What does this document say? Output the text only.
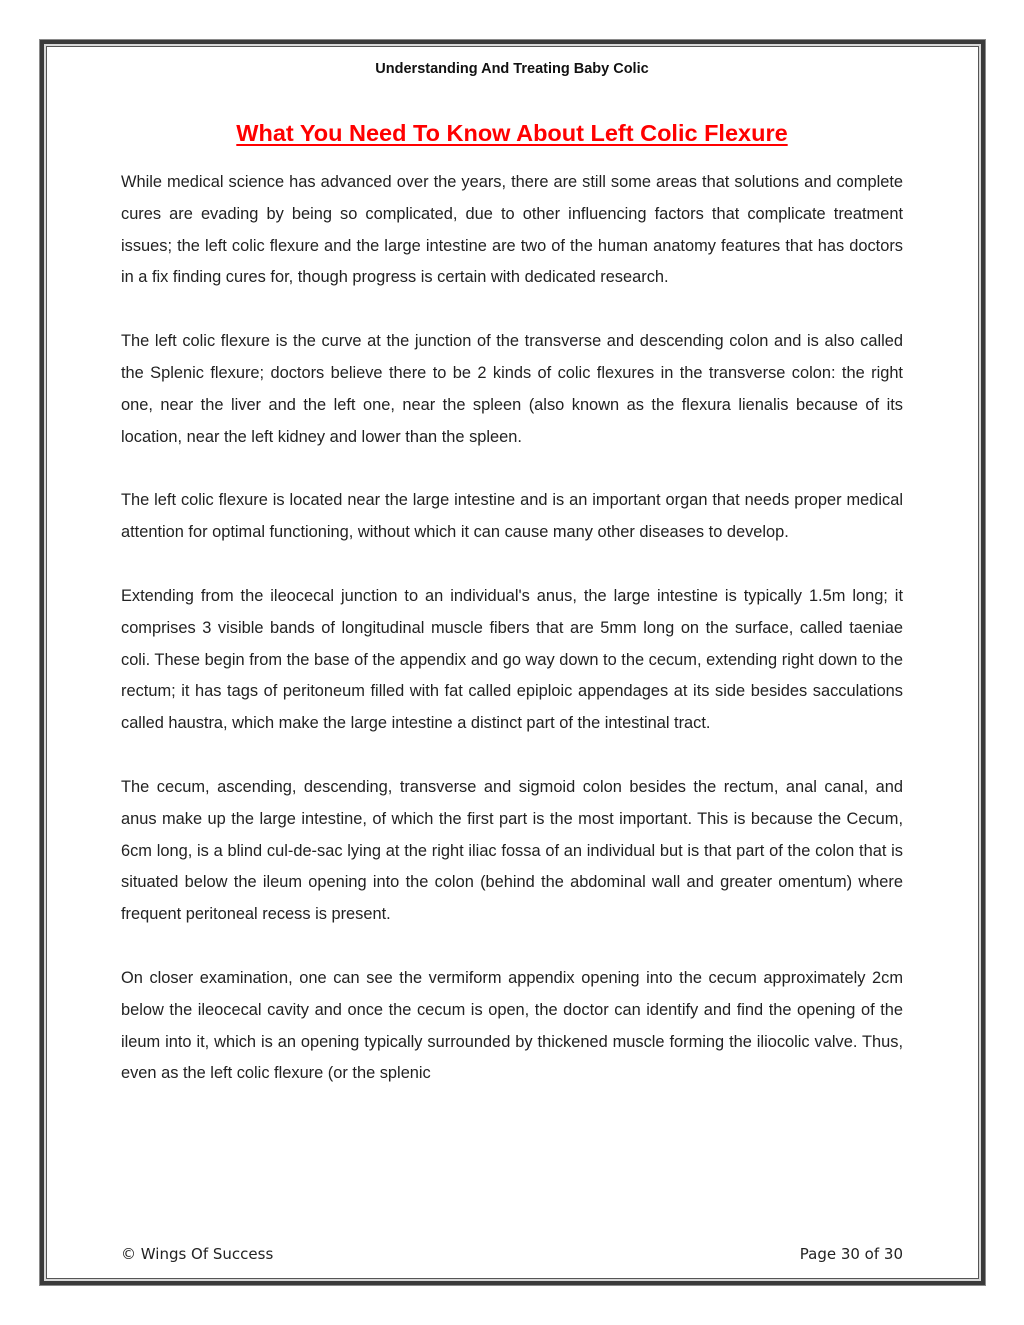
Understanding And Treating Baby Colic
What You Need To Know About Left Colic Flexure

While medical science has advanced over the years, there are still some areas that solutions and complete cures are evading by being so complicated, due to other influencing factors that complicate treatment issues; the left colic flexure and the large intestine are two of the human anatomy features that has doctors in a fix finding cures for, though progress is certain with dedicated research.

The left colic flexure is the curve at the junction of the transverse and descending colon and is also called the Splenic flexure; doctors believe there to be 2 kinds of colic flexures in the transverse colon: the right one, near the liver and the left one, near the spleen (also known as the flexura lienalis because of its location, near the left kidney and lower than the spleen.

The left colic flexure is located near the large intestine and is an important organ that needs proper medical attention for optimal functioning, without which it can cause many other diseases to develop.

Extending from the ileocecal junction to an individual's anus, the large intestine is typically 1.5m long; it comprises 3 visible bands of longitudinal muscle fibers that are 5mm long on the surface, called taeniae coli. These begin from the base of the appendix and go way down to the cecum, extending right down to the rectum; it has tags of peritoneum filled with fat called epiploic appendages at its side besides sacculations called haustra, which make the large intestine a distinct part of the intestinal tract.

The cecum, ascending, descending, transverse and sigmoid colon besides the rectum, anal canal, and anus make up the large intestine, of which the first part is the most important. This is because the Cecum, 6cm long, is a blind cul-de-sac lying at the right iliac fossa of an individual but is that part of the colon that is situated below the ileum opening into the colon (behind the abdominal wall and greater omentum) where frequent peritoneal recess is present.

On closer examination, one can see the vermiform appendix opening into the cecum approximately 2cm below the ileocecal cavity and once the cecum is open, the doctor can identify and find the opening of the ileum into it, which is an opening typically surrounded by thickened muscle forming the iliocolic valve. Thus, even as the left colic flexure (or the splenic

© Wings Of Success	Page 30 of 30
